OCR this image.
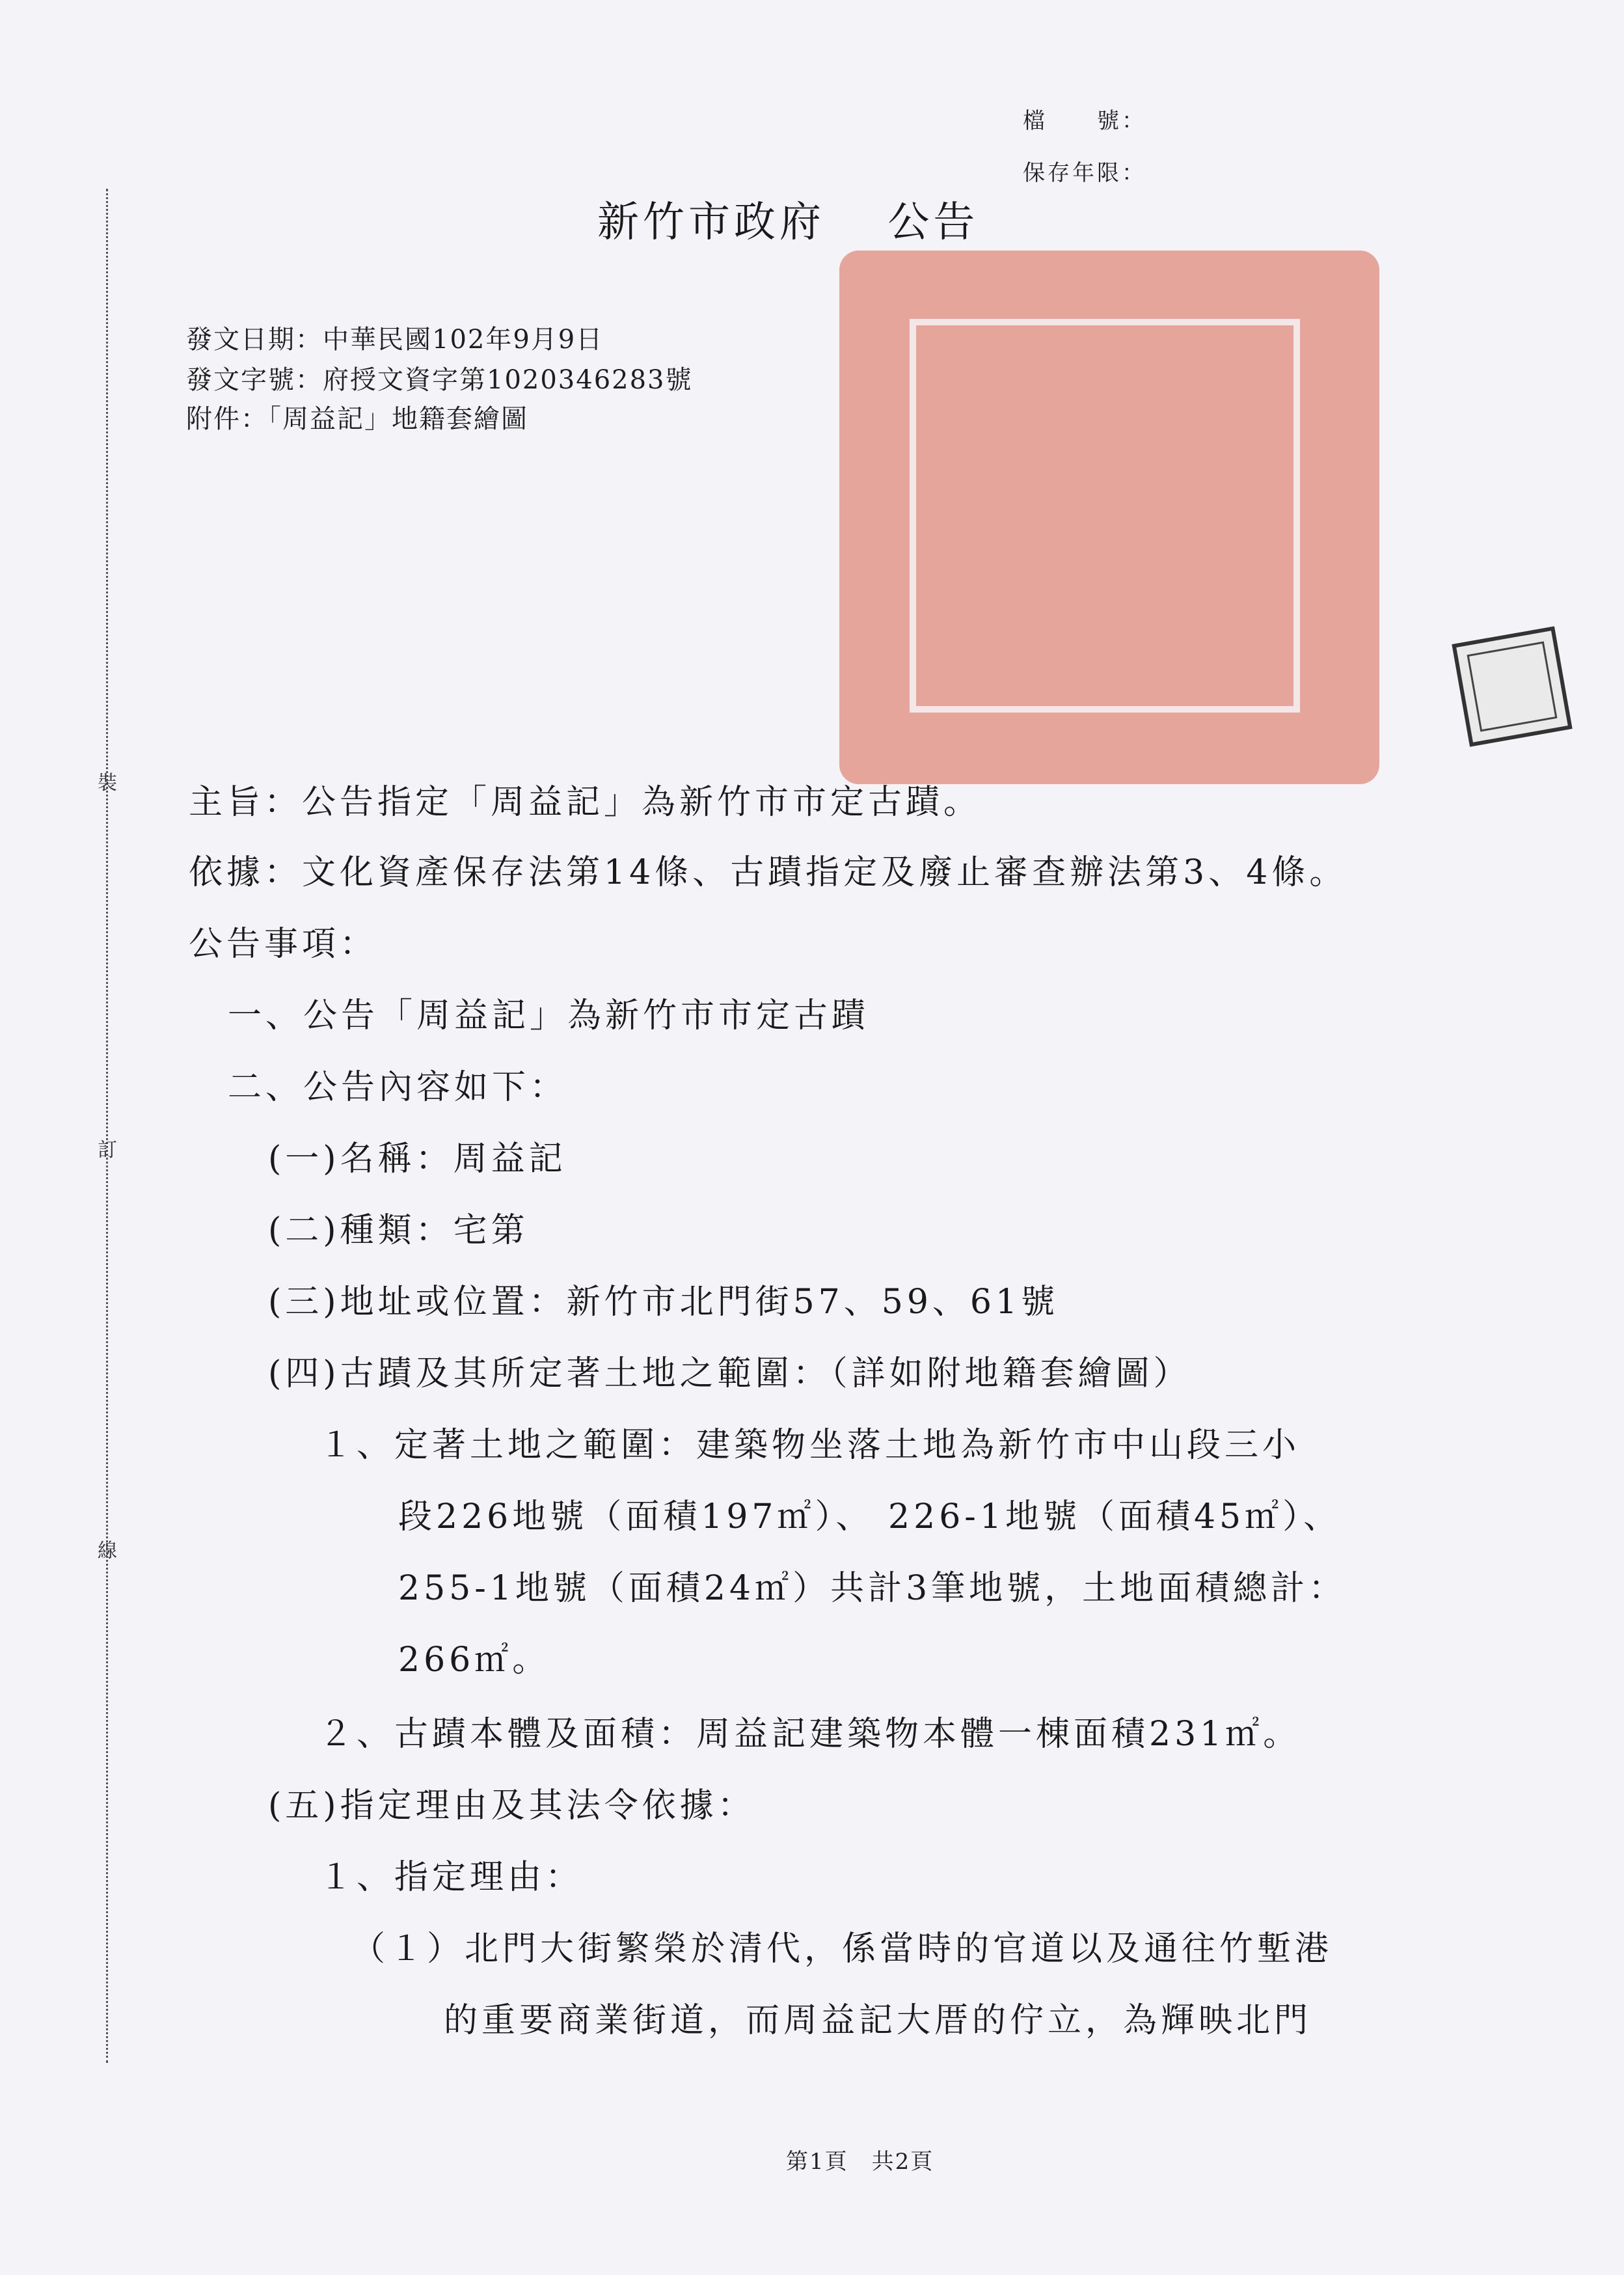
檔　　號：
保存年限：
裝
訂
線
新竹市政府　 公告
發文日期：中華民國102年9月9日
發文字號：府授文資字第1020346283號
附件：「周益記」地籍套繪圖
主旨：公告指定「周益記」為新竹市市定古蹟。
依據：文化資產保存法第14條、古蹟指定及廢止審查辦法第3、4條。
公告事項：
一、公告「周益記」為新竹市市定古蹟
二、公告內容如下：
(一)名稱：周益記
(二)種類：宅第
(三)地址或位置：新竹市北門街57、59、61號
(四)古蹟及其所定著土地之範圍：（詳如附地籍套繪圖）
１、定著土地之範圍：建築物坐落土地為新竹市中山段三小
段226地號（面積197㎡）、 226-1地號（面積45㎡）、
255-1地號（面積24㎡）共計3筆地號，土地面積總計：
266㎡。
２、古蹟本體及面積：周益記建築物本體一棟面積231㎡。
(五)指定理由及其法令依據：
１、指定理由：
（１）北門大街繁榮於清代，係當時的官道以及通往竹塹港
的重要商業街道，而周益記大厝的佇立，為輝映北門
第1頁　共2頁
